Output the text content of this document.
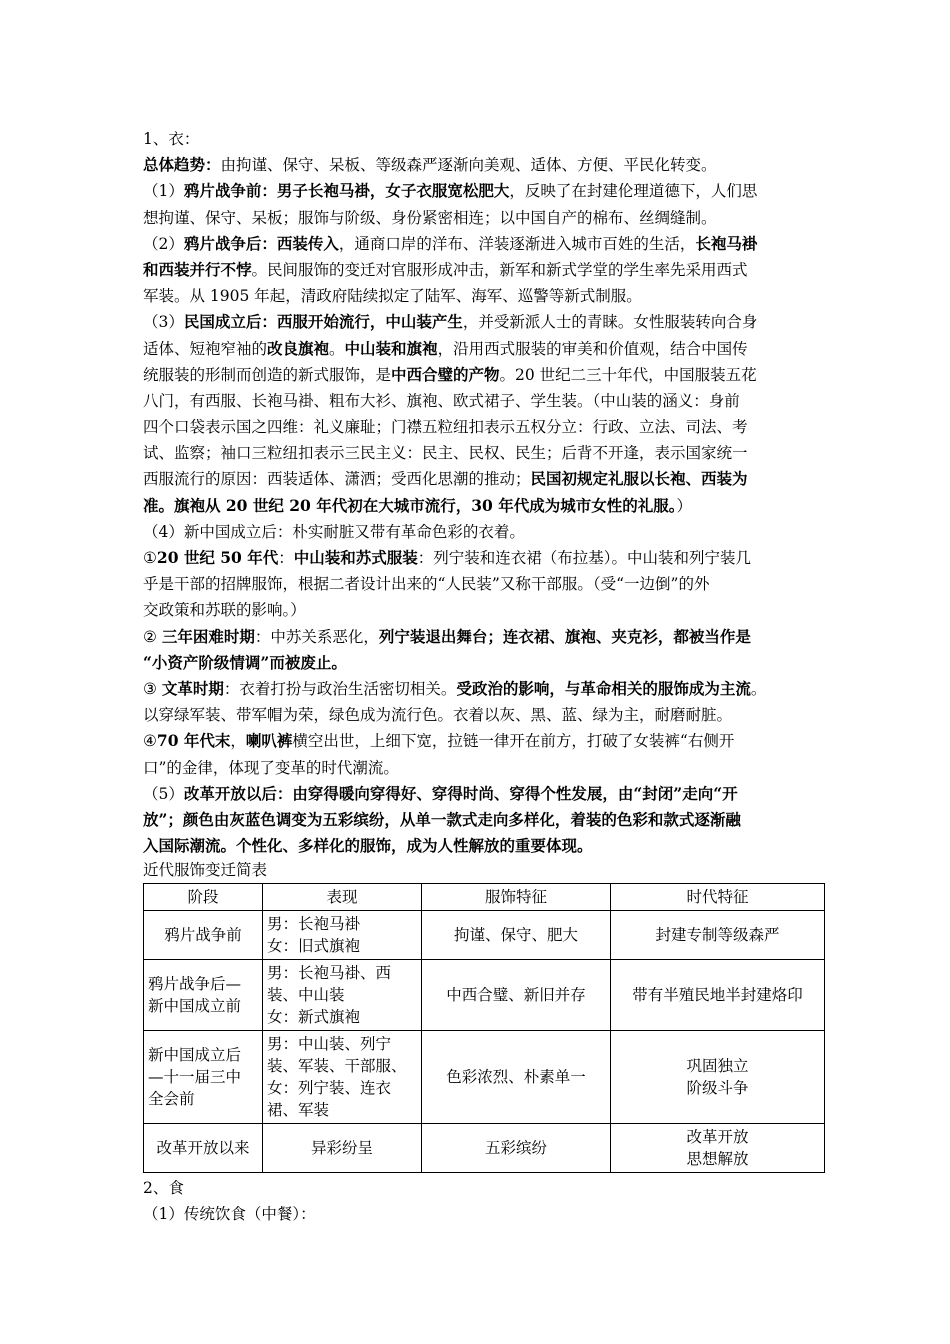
1、衣：
总体趋势：由拘谨、保守、呆板、等级森严逐渐向美观、适体、方便、平民化转变。
（1）鸦片战争前：男子长袍马褂，女子衣服宽松肥大，反映了在封建伦理道德下，人们思
想拘谨、保守、呆板；服饰与阶级、身份紧密相连；以中国自产的棉布、丝绸缝制。
（2）鸦片战争后：西装传入，通商口岸的洋布、洋装逐渐进入城市百姓的生活，长袍马褂
和西装并行不悖。民间服饰的变迁对官服形成冲击，新军和新式学堂的学生率先采用西式
军装。从 1905 年起，清政府陆续拟定了陆军、海军、巡警等新式制服。
（3）民国成立后：西服开始流行，中山装产生，并受新派人士的青睐。女性服装转向合身
适体、短袍窄袖的改良旗袍。中山装和旗袍，沿用西式服装的审美和价值观，结合中国传
统服装的形制而创造的新式服饰，是中西合璧的产物。20 世纪二三十年代，中国服装五花
八门，有西服、长袍马褂、粗布大衫、旗袍、欧式裙子、学生装。（中山装的涵义：身前
四个口袋表示国之四维：礼义廉耻；门襟五粒纽扣表示五权分立：行政、立法、司法、考
试、监察；袖口三粒纽扣表示三民主义：民主、民权、民生；后背不开逢，表示国家统一
西服流行的原因：西装适体、潇洒；受西化思潮的推动；民国初规定礼服以长袍、西装为
准。旗袍从 20 世纪 20 年代初在大城市流行，30 年代成为城市女性的礼服。）
（4）新中国成立后：朴实耐脏又带有革命色彩的衣着。
①20 世纪 50 年代：中山装和苏式服装：列宁装和连衣裙（布拉基）。中山装和列宁装几
乎是干部的招牌服饰，根据二者设计出来的“人民装”又称干部服。（受“一边倒”的外
交政策和苏联的影响。）
② 三年困难时期：中苏关系恶化，列宁装退出舞台；连衣裙、旗袍、夹克衫，都被当作是
“小资产阶级情调”而被废止。
③ 文革时期：衣着打扮与政治生活密切相关。受政治的影响，与革命相关的服饰成为主流。
以穿绿军装、带军帽为荣，绿色成为流行色。衣着以灰、黑、蓝、绿为主，耐磨耐脏。
④70 年代末，喇叭裤横空出世，上细下宽，拉链一律开在前方，打破了女装裤“右侧开
口”的金律，体现了变革的时代潮流。
（5）改革开放以后：由穿得暖向穿得好、穿得时尚、穿得个性发展，由“封闭”走向“开
放”；颜色由灰蓝色调变为五彩缤纷，从单一款式走向多样化，着装的色彩和款式逐渐融
入国际潮流。个性化、多样化的服饰，成为人性解放的重要体现。
近代服饰变迁简表
阶段	表现	服饰特征	时代特征

鸦片战争前	男：长袍马褂
女：旧式旗袍	拘谨、保守、肥大	封建专制等级森严

鸦片战争后—
新中国成立前	男：长袍马褂、西
装、中山装
女：新式旗袍	中西合璧、新旧并存	带有半殖民地半封建烙印

新中国成立后
—十一届三中
全会前	男：中山装、列宁
装、军装、干部服、
女：列宁装、连衣
裙、军装	色彩浓烈、朴素单一	巩固独立
阶级斗争

改革开放以来	异彩纷呈	五彩缤纷	改革开放
思想解放
2、食
（1）传统饮食（中餐）：
